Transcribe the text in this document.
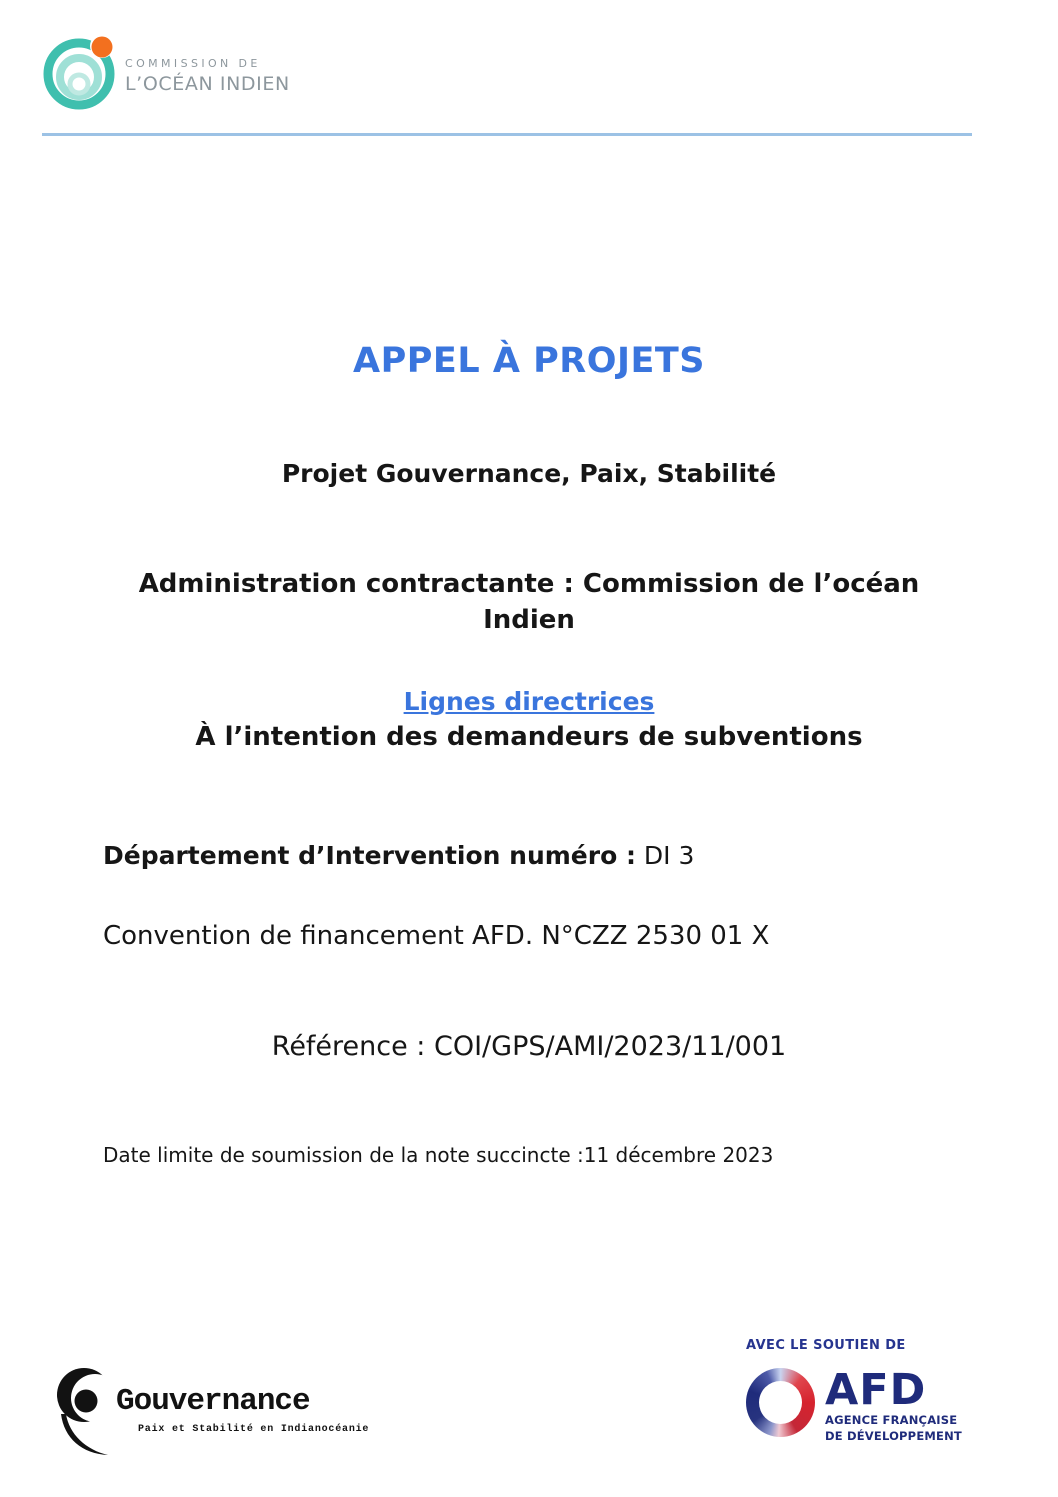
COMMISSION DE
L’OCÉAN INDIEN
APPEL À PROJETS
Projet Gouvernance, Paix, Stabilité
Administration contractante : Commission de l’océan
Indien
Lignes directrices
À l’intention des demandeurs de subventions
Département d’Intervention numéro : DI 3
Convention de financement AFD. N°CZZ 2530 01 X
Référence : COI/GPS/AMI/2023/11/001
Date limite de soumission de la note succincte :11 décembre 2023
Gouvernance
Paix et Stabilité en Indianocéanie
AVEC LE SOUTIEN DE
AFD
AGENCE FRANÇAISE
DE DÉVELOPPEMENT
